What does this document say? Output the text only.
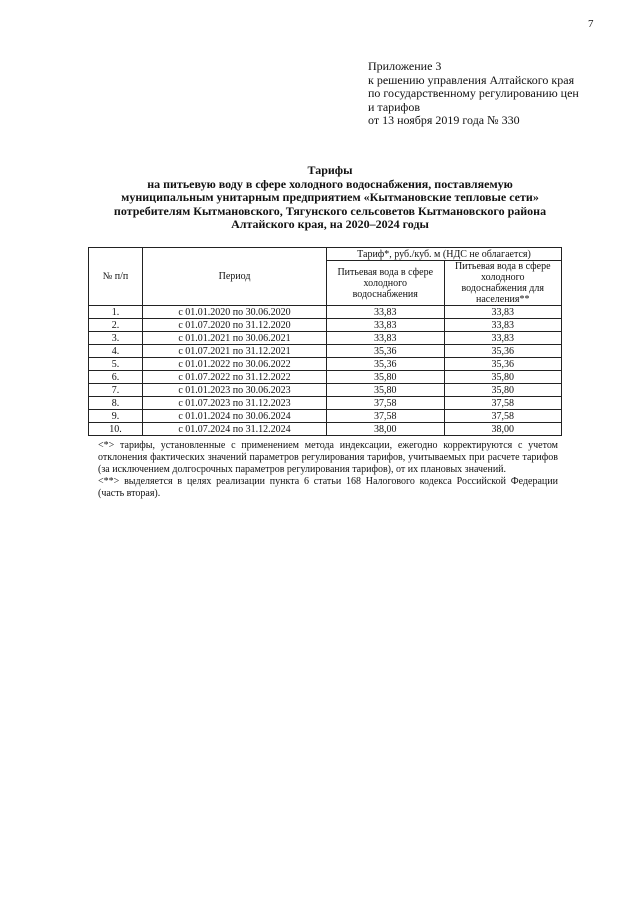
7
Приложение 3
к решению управления Алтайского края
по государственному регулированию цен
и тарифов
от 13 ноября 2019 года № 330
Тарифы
на питьевую воду в сфере холодного водоснабжения, поставляемую
муниципальным унитарным предприятием «Кытмановские тепловые сети»
потребителям Кытмановского, Тягунского сельсоветов Кытмановского района
Алтайского края, на 2020–2024 годы
№ п/п	Период	Тариф*, руб./куб. м (НДС не облагается)	
		Питьевая вода в сфере холодного водоснабжения	Питьевая вода в сфере холодного водоснабжения для населения**
1.	с 01.01.2020 по 30.06.2020	33,83	33,83
2.	с 01.07.2020 по 31.12.2020	33,83	33,83
3.	с 01.01.2021 по 30.06.2021	33,83	33,83
4.	с 01.07.2021 по 31.12.2021	35,36	35,36
5.	с 01.01.2022 по 30.06.2022	35,36	35,36
6.	с 01.07.2022 по 31.12.2022	35,80	35,80
7.	с 01.01.2023 по 30.06.2023	35,80	35,80
8.	с 01.07.2023 по 31.12.2023	37,58	37,58
9.	с 01.01.2024 по 30.06.2024	37,58	37,58
10.	с 01.07.2024 по 31.12.2024	38,00	38,00

<*> тарифы, установленные с применением метода индексации, ежегодно корректируются с учетом отклонения фактических значений параметров регулирования тарифов, учитываемых при расчете тарифов (за исключением долгосрочных параметров регулирования тарифов), от их плановых значений.

<**> выделяется в целях реализации пункта 6 статьи 168 Налогового кодекса Российской Федерации (часть вторая).
